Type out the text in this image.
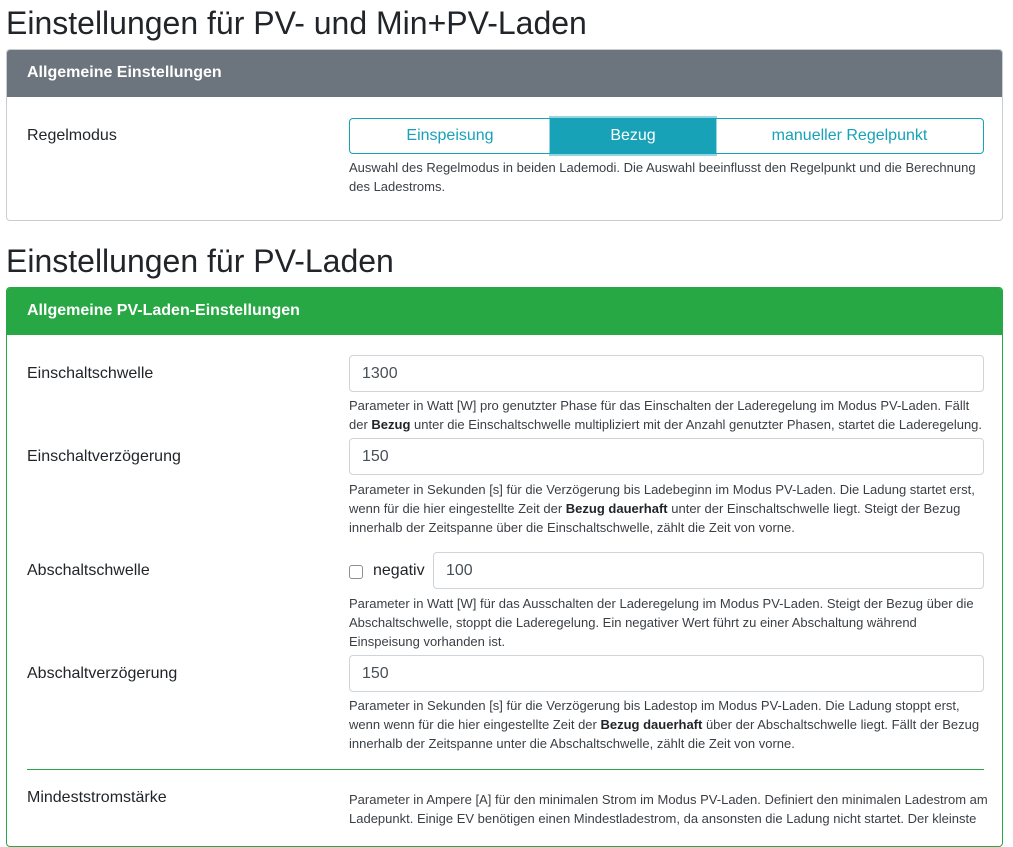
Einstellungen für PV- und Min+PV-Laden
Allgemeine Einstellungen
Regelmodus	Einspeisung	Bezug	manueller Regelpunkt
Auswahl des Regelmodus in beiden Lademodi. Die Auswahl beeinflusst den Regelpunkt und die Berechnung des Ladestroms.
Einstellungen für PV-Laden
Allgemeine PV-Laden-Einstellungen
Einschaltschwelle	1300
Parameter in Watt [W] pro genutzter Phase für das Einschalten der Laderegelung im Modus PV-Laden. Fällt der Bezug unter die Einschaltschwelle multipliziert mit der Anzahl genutzter Phasen, startet die Laderegelung.
Einschaltverzögerung	150
Parameter in Sekunden [s] für die Verzögerung bis Ladebeginn im Modus PV-Laden. Die Ladung startet erst, wenn für die hier eingestellte Zeit der Bezug dauerhaft unter der Einschaltschwelle liegt. Steigt der Bezug innerhalb der Zeitspanne über die Einschaltschwelle, zählt die Zeit von vorne.
Abschaltschwelle	negativ	100
Parameter in Watt [W] für das Ausschalten der Laderegelung im Modus PV-Laden. Steigt der Bezug über die Abschaltschwelle, stoppt die Laderegelung. Ein negativer Wert führt zu einer Abschaltung während Einspeisung vorhanden ist.
Abschaltverzögerung	150
Parameter in Sekunden [s] für die Verzögerung bis Ladestop im Modus PV-Laden. Die Ladung stoppt erst, wenn wenn für die hier eingestellte Zeit der Bezug dauerhaft über der Abschaltschwelle liegt. Fällt der Bezug innerhalb der Zeitspanne unter die Abschaltschwelle, zählt die Zeit von vorne.
Mindeststromstärke	Parameter in Ampere [A] für den minimalen Strom im Modus PV-Laden. Definiert den minimalen Ladestrom am Ladepunkt. Einige EV benötigen einen Mindestladestrom, da ansonsten die Ladung nicht startet. Der kleinste
